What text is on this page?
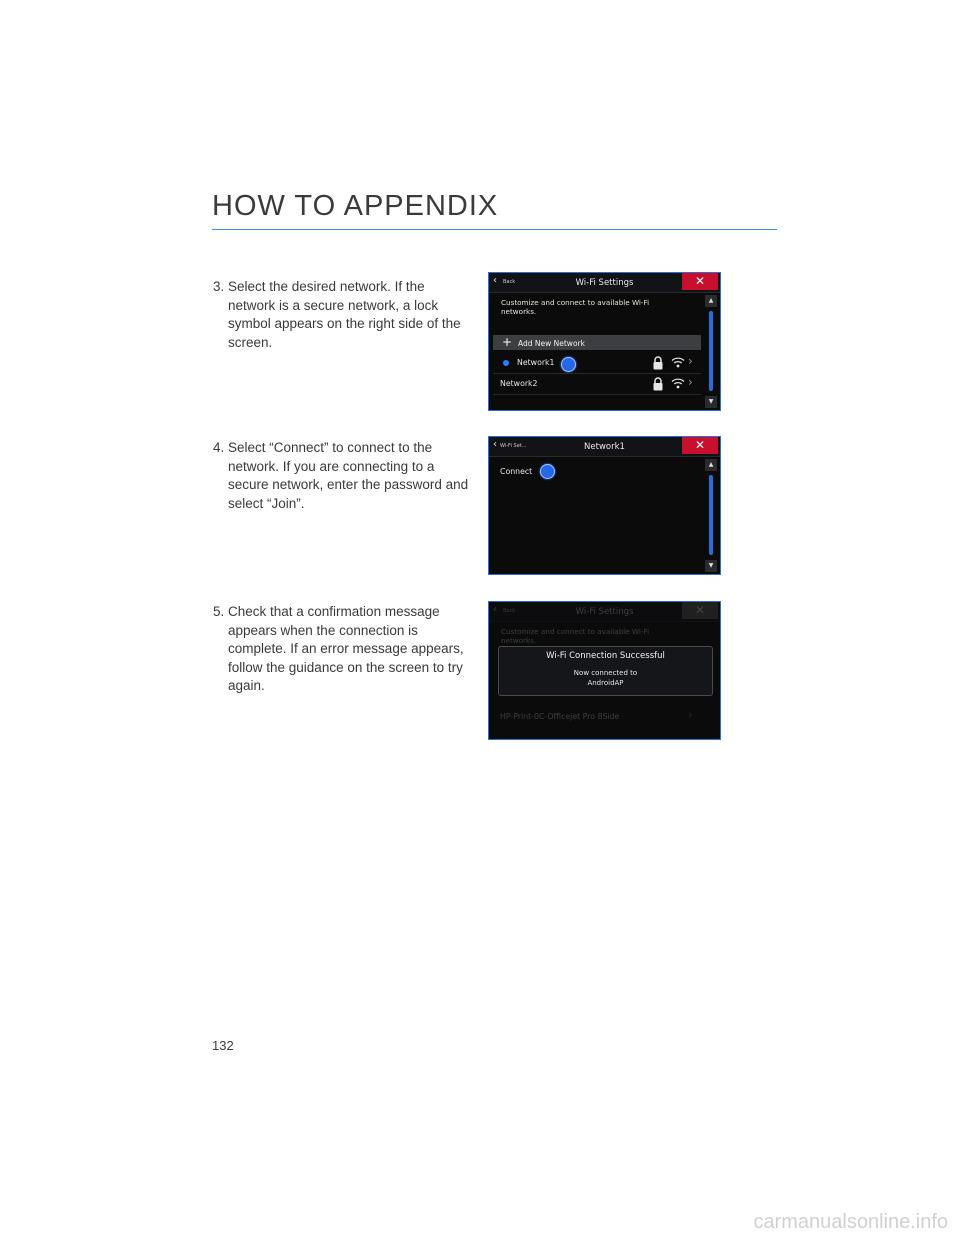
HOW TO APPENDIX
3. Select the desired network. If the network is a secure network, a lock symbol appears on the right side of the screen.
‹ Back	Wi-Fi Settings	✕
Customize and connect to available Wi-Fi networks.
+ Add New Network
Network1	›
Network2	›
▲
▼
4. Select “Connect” to connect to the network. If you are connecting to a secure network, enter the password and select “Join”.
‹ Wi-Fi Set...	Network1	✕
Connect
▲
▼
5. Check that a confirmation message appears when the connection is complete. If an error message appears, follow the guidance on the screen to try again.
‹ Back	Wi-Fi Settings	✕
Customize and connect to available Wi-Fi networks.
HP-Print-0C-Officejet Pro 8Side	›
Wi-Fi Connection Successful
Now connected to
AndroidAP
132
carmanualsonline.info
